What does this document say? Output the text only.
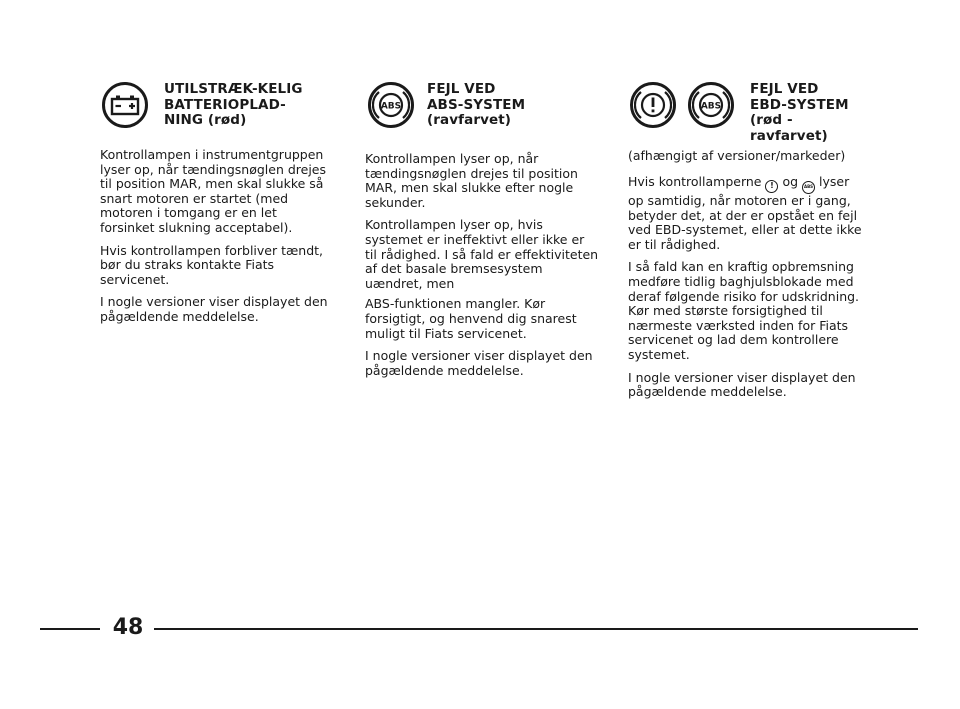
UTILSTRÆK-KELIG
BATTERIOPLAD-
NING (rød)

Kontrollampen i instrumentgruppen lyser op, når tændingsnøglen drejes til position MAR, men skal slukke så snart motoren er startet (med motoren i tomgang er en let forsinket slukning acceptabel).

Hvis kontrollampen forbliver tændt, bør du straks kontakte Fiats servicenet.

I nogle versioner viser displayet den pågældende meddelelse.

ABS
FEJL VED
ABS-SYSTEM
(ravfarvet)

Kontrollampen lyser op, når tændingsnøglen drejes til position MAR, men skal slukke efter nogle sekunder.

Kontrollampen lyser op, hvis systemet er ineffektivt eller ikke er til rådighed. I så fald er effektiviteten af det basale bremsesystem uændret, men

ABS-funktionen mangler. Kør forsigtigt, og henvend dig snarest muligt til Fiats servicenet.

I nogle versioner viser displayet den pågældende meddelelse.

ABS
FEJL VED
EBD-SYSTEM
(rød -
ravfarvet)
(afhængigt af versioner/markeder)

Hvis kontrollamperne ! og ABS lyser op samtidig, når motoren er i gang, betyder det, at der er opstået en fejl ved EBD-systemet, eller at dette ikke er til rådighed.

I så fald kan en kraftig opbremsning medføre tidlig baghjulsblokade med deraf følgende risiko for udskridning. Kør med største forsigtighed til nærmeste værksted inden for Fiats servicenet og lad dem kontrollere systemet.

I nogle versioner viser displayet den pågældende meddelelse.

48
